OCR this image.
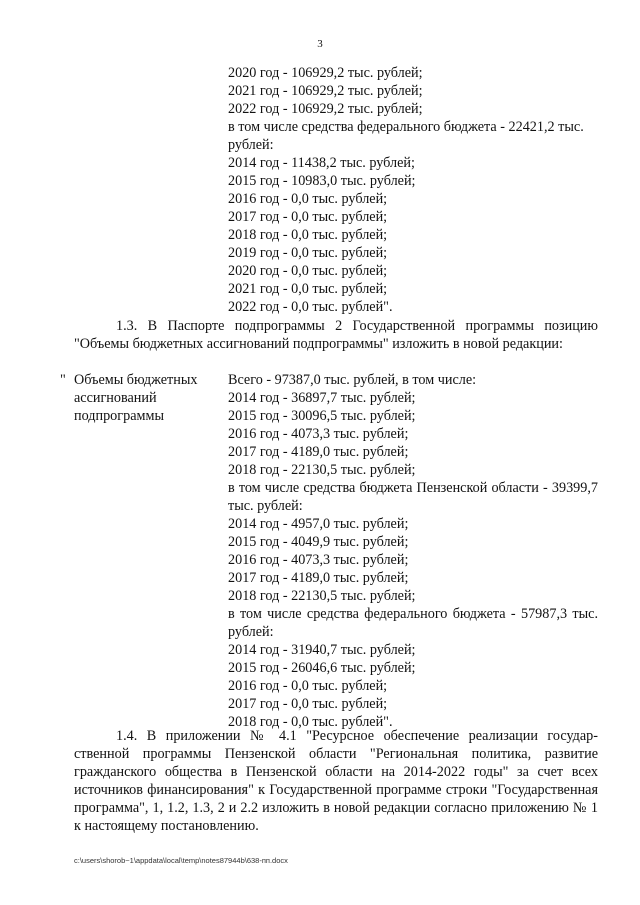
3
2020 год - 106929,2 тыс. рублей;
2021 год - 106929,2 тыс. рублей;
2022 год - 106929,2 тыс. рублей;
в том числе средства федерального бюджета - 22421,2 тыс. рублей:
2014 год - 11438,2 тыс. рублей;
2015 год - 10983,0 тыс. рублей;
2016 год - 0,0 тыс. рублей;
2017 год - 0,0 тыс. рублей;
2018 год - 0,0 тыс. рублей;
2019 год - 0,0 тыс. рублей;
2020 год - 0,0 тыс. рублей;
2021 год - 0,0 тыс. рублей;
2022 год - 0,0 тыс. рублей".
1.3. В Паспорте подпрограммы 2 Государственной программы позицию "Объемы бюджетных ассигнований подпрограммы" изложить в новой редакции:
" Объемы бюджетных ассигнований подпрограммы
Всего - 97387,0 тыс. рублей, в том числе:
2014 год - 36897,7 тыс. рублей;
2015 год - 30096,5 тыс. рублей;
2016 год - 4073,3 тыс. рублей;
2017 год - 4189,0 тыс. рублей;
2018 год - 22130,5 тыс. рублей;
в том числе средства бюджета Пензенской области - 39399,7 тыс. рублей:
2014 год - 4957,0 тыс. рублей;
2015 год - 4049,9 тыс. рублей;
2016 год - 4073,3 тыс. рублей;
2017 год - 4189,0 тыс. рублей;
2018 год - 22130,5 тыс. рублей;
в том числе средства федерального бюджета - 57987,3 тыс. рублей:
2014 год - 31940,7 тыс. рублей;
2015 год - 26046,6 тыс. рублей;
2016 год - 0,0 тыс. рублей;
2017 год - 0,0 тыс. рублей;
2018 год - 0,0 тыс. рублей".
1.4. В приложении № 4.1 "Ресурсное обеспечение реализации государ-ственной программы Пензенской области "Региональная политика, развитие гражданского общества в Пензенской области на 2014-2022 годы" за счет всех источников финансирования" к Государственной программе строки "Государственная программа", 1, 1.2, 1.3, 2 и 2.2 изложить в новой редакции согласно приложению № 1 к настоящему постановлению.
c:\users\shorob~1\appdata\local\temp\notes87944b\638-пп.docx
